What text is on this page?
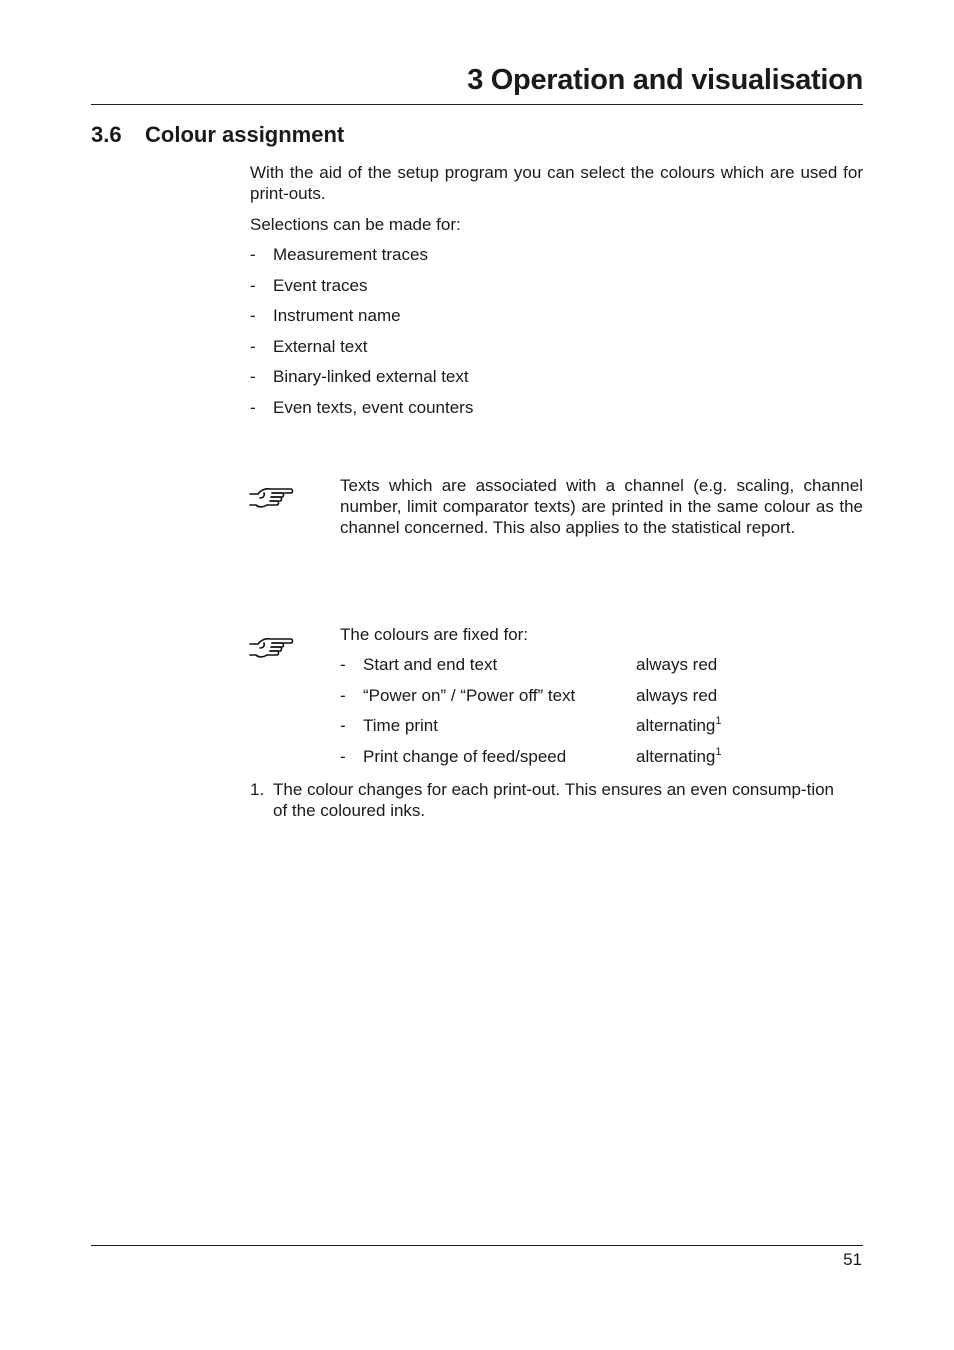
3 Operation and visualisation
3.6 Colour assignment

With the aid of the setup program you can select the colours which are used for print-outs.

Selections can be made for:

- Measurement traces
- Event traces
- Instrument name
- External text
- Binary-linked external text
- Even texts, event counters

Texts which are associated with a channel (e.g. scaling, channel number, limit comparator texts) are printed in the same colour as the channel concerned. This also applies to the statistical report.

The colours are fixed for:

- Start and end text	always red
- “Power on” / “Power off” text	always red
- Time print	alternating$^1$
- Print change of feed/speed	alternating$^1$

1. The colour changes for each print-out. This ensures an even consump-tion of the coloured inks.

51
